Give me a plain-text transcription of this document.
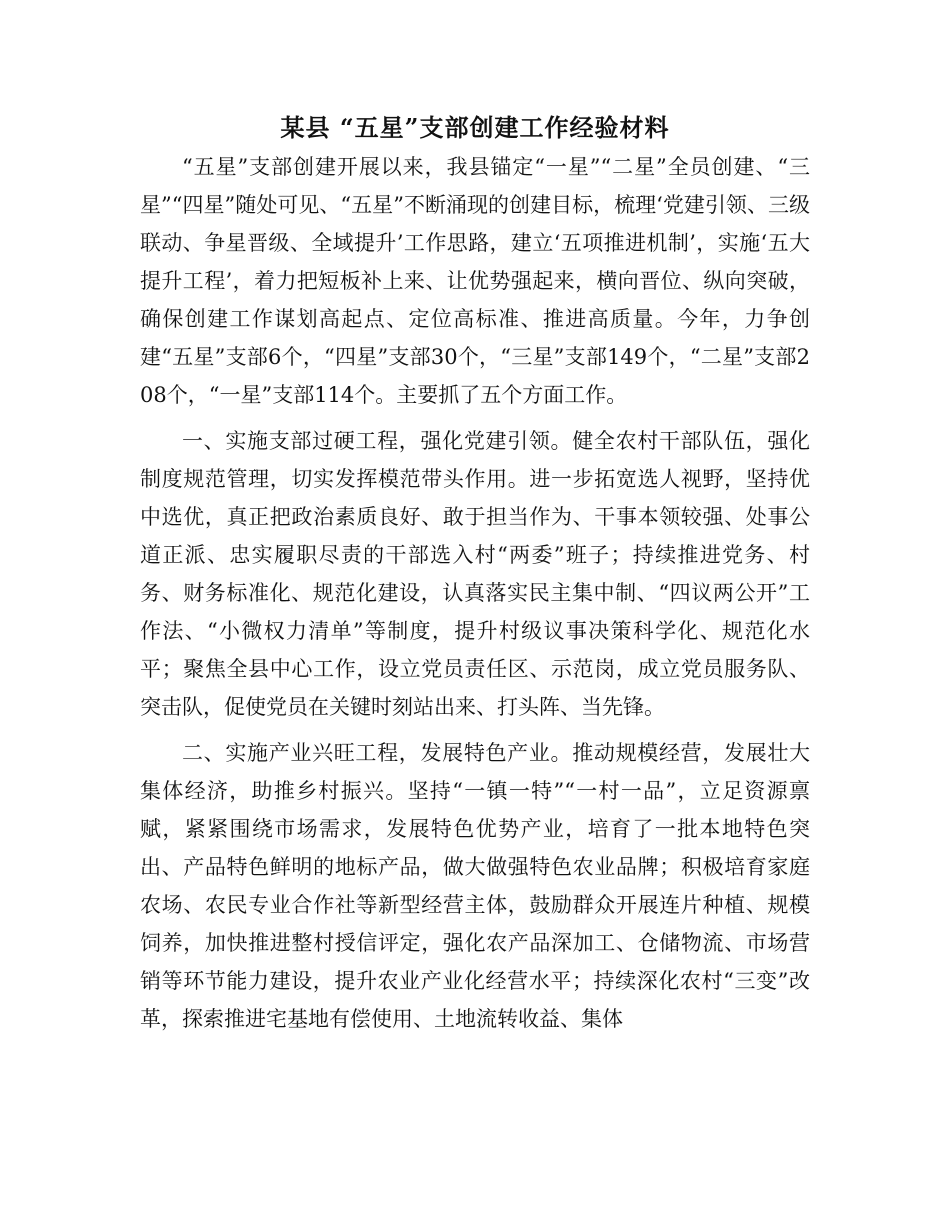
某县 “五星”支部创建工作经验材料

“五星”支部创建开展以来，我县锚定“一星”“二星”全员创建、“三星”“四星”随处可见、“五星”不断涌现的创建目标，梳理‘党建引领、三级联动、争星晋级、全域提升’工作思路，建立‘五项推进机制’，实施‘五大提升工程’，着力把短板补上来、让优势强起来，横向晋位、纵向突破，确保创建工作谋划高起点、定位高标准、推进高质量。今年，力争创建“五星”支部6个，“四星”支部30个，“三星”支部149个，“二星”支部208个，“一星”支部114个。主要抓了五个方面工作。

一、实施支部过硬工程，强化党建引领。健全农村干部队伍，强化制度规范管理，切实发挥模范带头作用。进一步拓宽选人视野，坚持优中选优，真正把政治素质良好、敢于担当作为、干事本领较强、处事公道正派、忠实履职尽责的干部选入村“两委”班子；持续推进党务、村务、财务标准化、规范化建设，认真落实民主集中制、“四议两公开”工作法、“小微权力清单”等制度，提升村级议事决策科学化、规范化水平；聚焦全县中心工作，设立党员责任区、示范岗，成立党员服务队、突击队，促使党员在关键时刻站出来、打头阵、当先锋。

二、实施产业兴旺工程，发展特色产业。推动规模经营，发展壮大集体经济，助推乡村振兴。坚持“一镇一特”“一村一品”，立足资源禀赋，紧紧围绕市场需求，发展特色优势产业，培育了一批本地特色突出、产品特色鲜明的地标产品，做大做强特色农业品牌；积极培育家庭农场、农民专业合作社等新型经营主体，鼓励群众开展连片种植、规模饲养，加快推进整村授信评定，强化农产品深加工、仓储物流、市场营销等环节能力建设，提升农业产业化经营水平；持续深化农村“三变”改革，探索推进宅基地有偿使用、土地流转收益、集体
